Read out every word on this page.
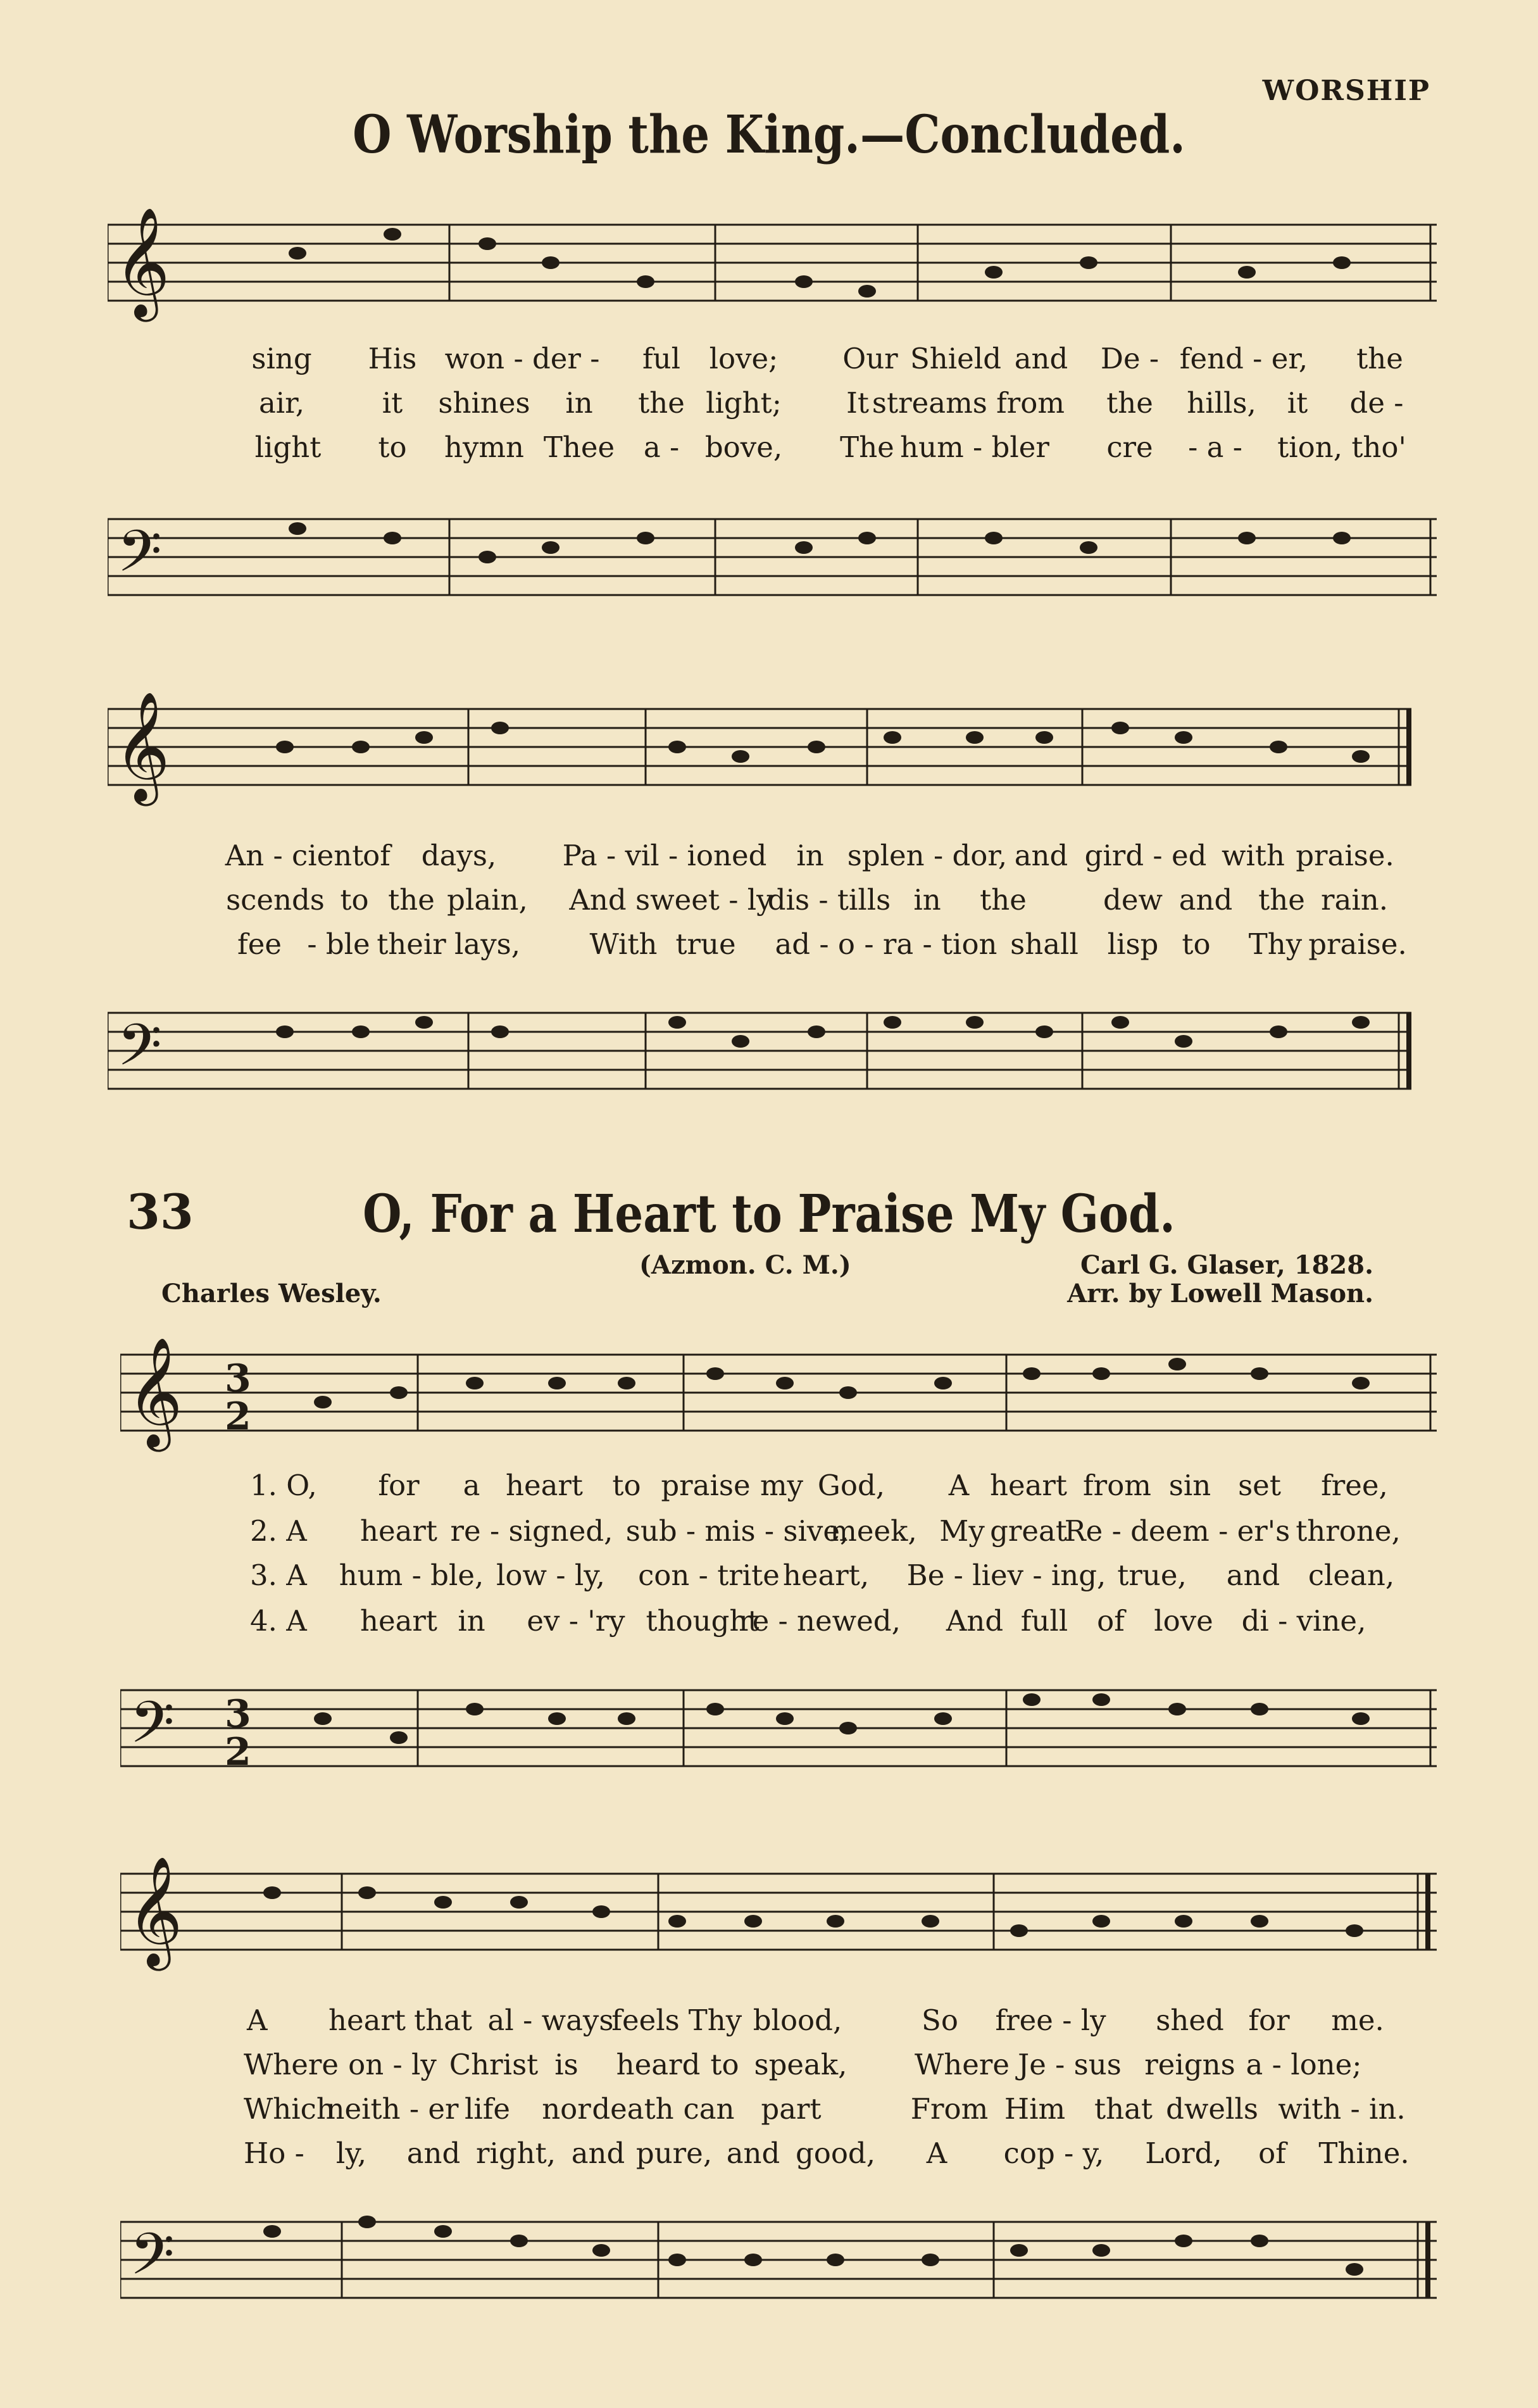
WORSHIP
O Worship the King.—Concluded.
𝄞
sing His won - der - ful love; Our Shield and De - fend - er, the
air,	it shines in the light; It streams from the hills, it de -
light to hymn Thee a - bove, The hum - bler cre - a - tion, tho'
𝄢
𝄞
An - cient
of days, Pa - vil - ioned in splen - dor, and gird - ed with praise.
scends to the plain, And sweet - ly
dis - tills in the	dew and the rain.
fee - ble their lays, With true ad - o - ra - tion shall lisp to Thy praise.
𝄢
33	O, For a Heart to Praise My God.
(Azmon. C. M.)
Charles Wesley.
Carl G. Glaser, 1828.
Arr. by Lowell Mason.
𝄞 3
2
1. O, for a heart to praise my God, A heart from sin set free,
2. A heart re - signed, sub - mis - sive,
meek, My great
Re - deem - er's throne,
3. A hum - ble, low - ly, con - trite heart, Be - liev - ing, true, and clean,
4. A heart in ev - 'ry thought
re - newed, And full of love di - vine,
𝄢 3
2
𝄞
A heart that al - ways
feels Thy blood,	So free - ly shed for me.
Where on - ly Christ is heard to speak, Where Je - sus reigns a - lone;
Which
neith - er life nor death can part	From Him that dwells with - in.
Ho - ly, and right, and pure, and good, A cop - y, Lord, of Thine.
𝄢
